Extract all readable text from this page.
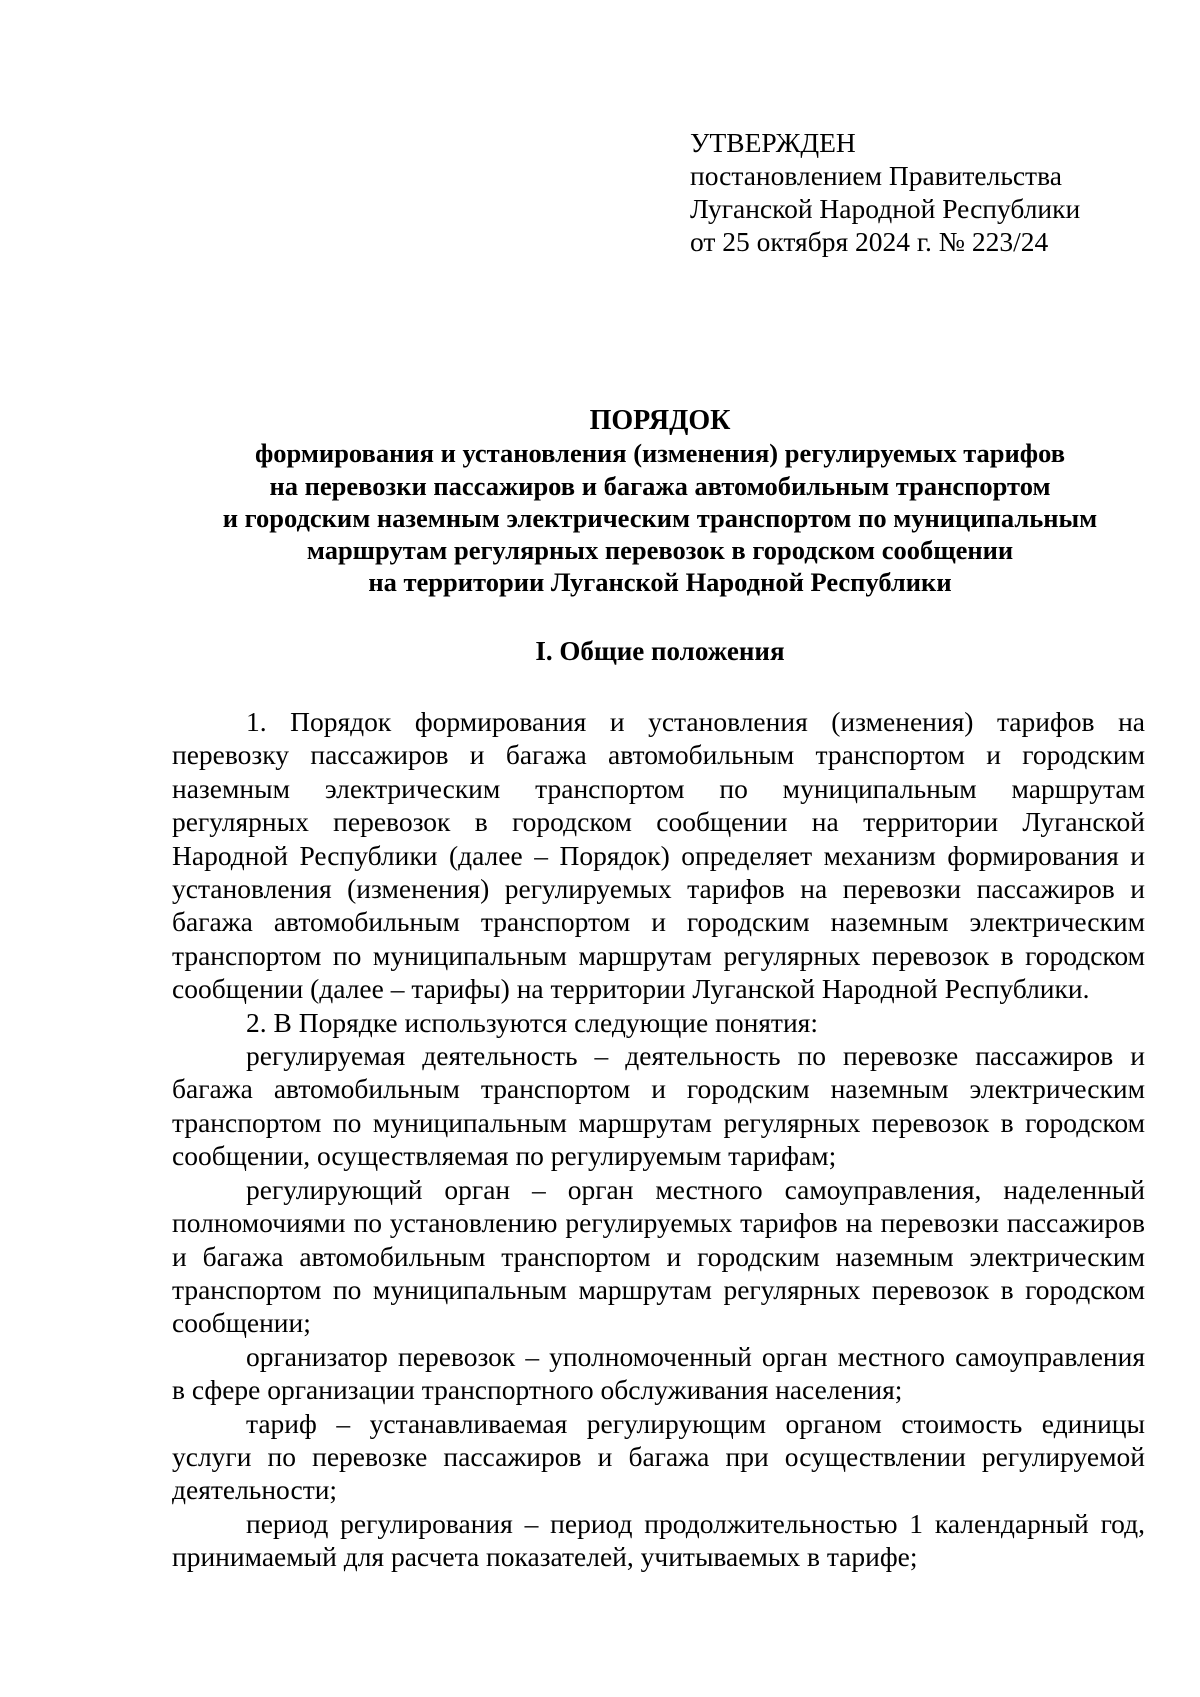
УТВЕРЖДЕН
постановлением Правительства
Луганской Народной Республики
от 25 октября 2024 г. № 223/24
ПОРЯДОК
формирования и установления (изменения) регулируемых тарифов
на перевозки пассажиров и багажа автомобильным транспортом
и городским наземным электрическим транспортом по муниципальным
маршрутам регулярных перевозок в городском сообщении
на территории Луганской Народной Республики
I. Общие положения

1. Порядок формирования и установления (изменения) тарифов на перевозку пассажиров и багажа автомобильным транспортом и городским наземным электрическим транспортом по муниципальным маршрутам регулярных перевозок в городском сообщении на территории Луганской Народной Республики (далее – Порядок) определяет механизм формирования и установления (изменения) регулируемых тарифов на перевозки пассажиров и багажа автомобильным транспортом и городским наземным электрическим транспортом по муниципальным маршрутам регулярных перевозок в городском сообщении (далее – тарифы) на территории Луганской Народной Республики.

2. В Порядке используются следующие понятия:

регулируемая деятельность – деятельность по перевозке пассажиров и багажа автомобильным транспортом и городским наземным электрическим транспортом по муниципальным маршрутам регулярных перевозок в городском сообщении, осуществляемая по регулируемым тарифам;

регулирующий орган – орган местного самоуправления, наделенный полномочиями по установлению регулируемых тарифов на перевозки пассажиров и багажа автомобильным транспортом и городским наземным электрическим транспортом по муниципальным маршрутам регулярных перевозок в городском сообщении;

организатор перевозок – уполномоченный орган местного самоуправления в сфере организации транспортного обслуживания населения;

тариф – устанавливаемая регулирующим органом стоимость единицы услуги по перевозке пассажиров и багажа при осуществлении регулируемой деятельности;

период регулирования – период продолжительностью 1 календарный год, принимаемый для расчета показателей, учитываемых в тарифе;
